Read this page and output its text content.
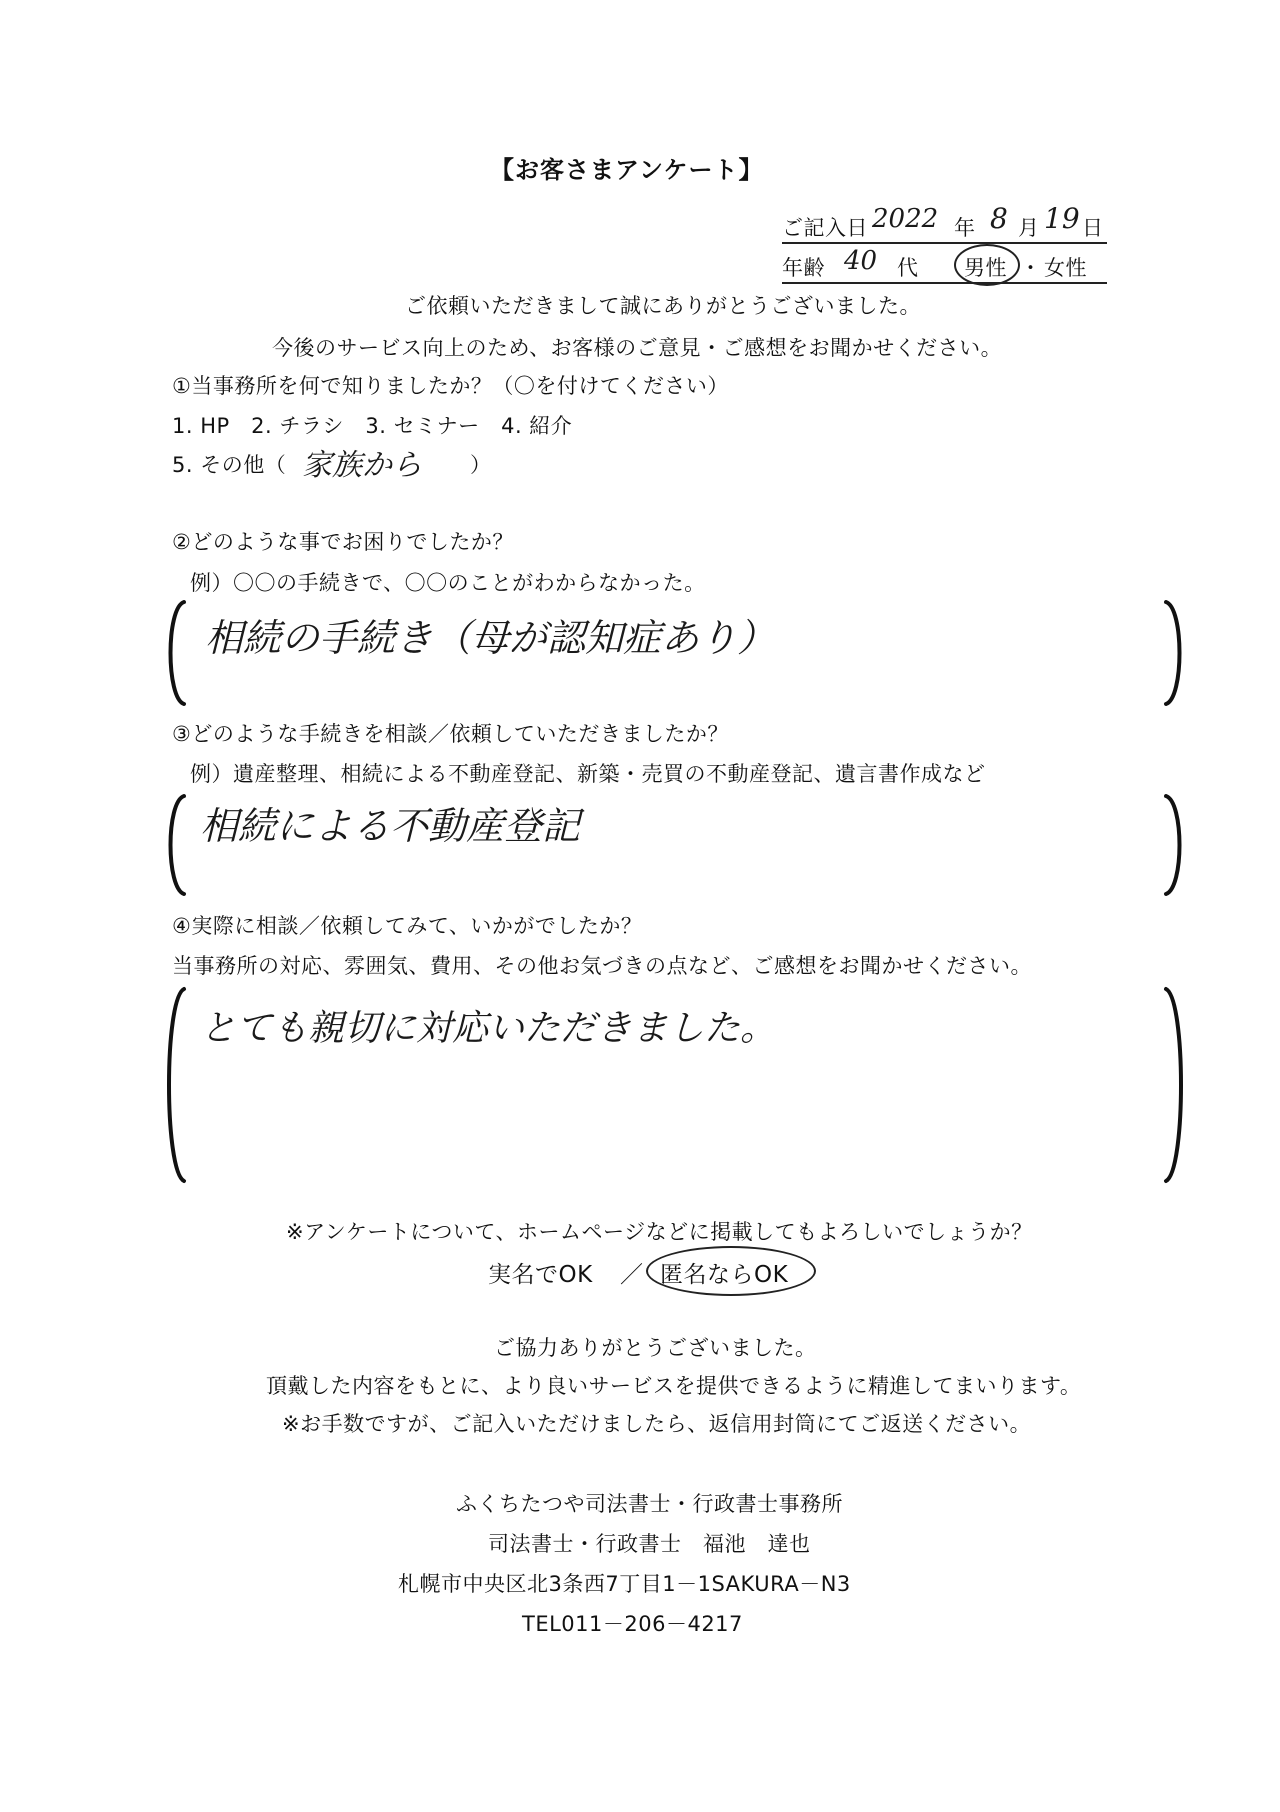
【お客さまアンケート】
ご記入日 2022 年 8 月 19 日
年齢 40 代 男性 ・ 女性
ご依頼いただきまして誠にありがとうございました。
今後のサービス向上のため、お客様のご意見・ご感想をお聞かせください。
①当事務所を何で知りましたか？（〇を付けてください）
1. HP　2. チラシ　3. セミナー　4. 紹介
5. その他（ 家族から ）
②どのような事でお困りでしたか？
例）〇〇の手続きで、〇〇のことがわからなかった。
相続の手続き（母が認知症あり）
③どのような手続きを相談／依頼していただきましたか？
例）遺産整理、相続による不動産登記、新築・売買の不動産登記、遺言書作成など
相続による不動産登記
④実際に相談／依頼してみて、いかがでしたか？
当事務所の対応、雰囲気、費用、その他お気づきの点など、ご感想をお聞かせください。
とても親切に対応いただきました。
※アンケートについて、ホームページなどに掲載してもよろしいでしょうか？
実名でOK ／ 匿名ならOK
ご協力ありがとうございました。
頂戴した内容をもとに、より良いサービスを提供できるように精進してまいります。
※お手数ですが、ご記入いただけましたら、返信用封筒にてご返送ください。
ふくちたつや司法書士・行政書士事務所
司法書士・行政書士　福池　達也
札幌市中央区北3条西7丁目1－1SAKURA－N3
TEL011－206－4217
